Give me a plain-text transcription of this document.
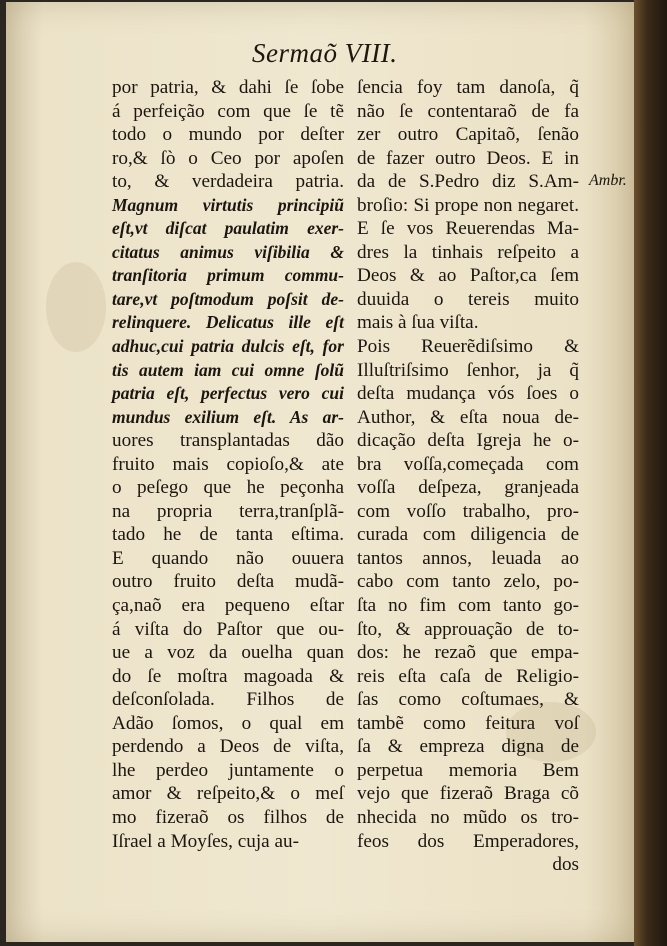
Sermaõ VIII.
Ambr.
por patria, & dahi ſe ſobe
á perfeição com que ſe tẽ
todo o mundo por deſter
ro,& ſò o Ceo por apoſen
to, & verdadeira patria.
Magnum virtutis principiũ
eſt,vt diſcat paulatim exer-
citatus animus viſibilia &
tranſitoria primum commu-
tare,vt poſtmodum poſsit de-
relinquere. Delicatus ille eſt
adhuc,cui patria dulcis eſt, for
tis autem iam cui omne ſolũ
patria eſt, perfectus vero cui
mundus exilium eſt. As ar-
uores transplantadas dão
fruito mais copioſo,& ate
o peſego que he peçonha
na propria terra,tranſplã-
tado he de tanta eſtima.
E quando não ouuera
outro fruito deſta mudã-
ça,naõ era pequeno eſtar
á viſta do Paſtor que ou-
ue a voz da ouelha quan
do ſe moſtra magoada &
deſconſolada. Filhos de
Adão ſomos, o qual em
perdendo a Deos de viſta,
lhe perdeo juntamente o
amor & reſpeito,& o meſ
mo fizeraõ os filhos de
Iſrael a Moyſes, cuja au-
ſencia foy tam danoſa, q̃
não ſe contentaraõ de fa
zer outro Capitaõ, ſenão
de fazer outro Deos. E in
da de S.Pedro diz S.Am-
broſio: Si prope non negaret.
E ſe vos Reuerendas Ma-
dres la tinhais reſpeito a
Deos & ao Paſtor,ca ſem
duuida o tereis muito
mais à ſua viſta.
Pois Reuerẽdiſsimo &
Illuſtriſsimo ſenhor, ja q̃
deſta mudança vós ſoes o
Author, & eſta noua de-
dicação deſta Igreja he o-
bra voſſa,começada com
voſſa deſpeza, granjeada
com voſſo trabalho, pro-
curada com diligencia de
tantos annos, leuada ao
cabo com tanto zelo, po-
ſta no fim com tanto go-
ſto, & approuação de to-
dos: he rezaõ que empa-
reis eſta caſa de Religio-
ſas como coſtumaes, &
tambẽ como feitura voſ
ſa & empreza digna de
perpetua memoria Bem
vejo que fizeraõ Braga cõ
nhecida no mũdo os tro-
feos dos Emperadores,
dos
